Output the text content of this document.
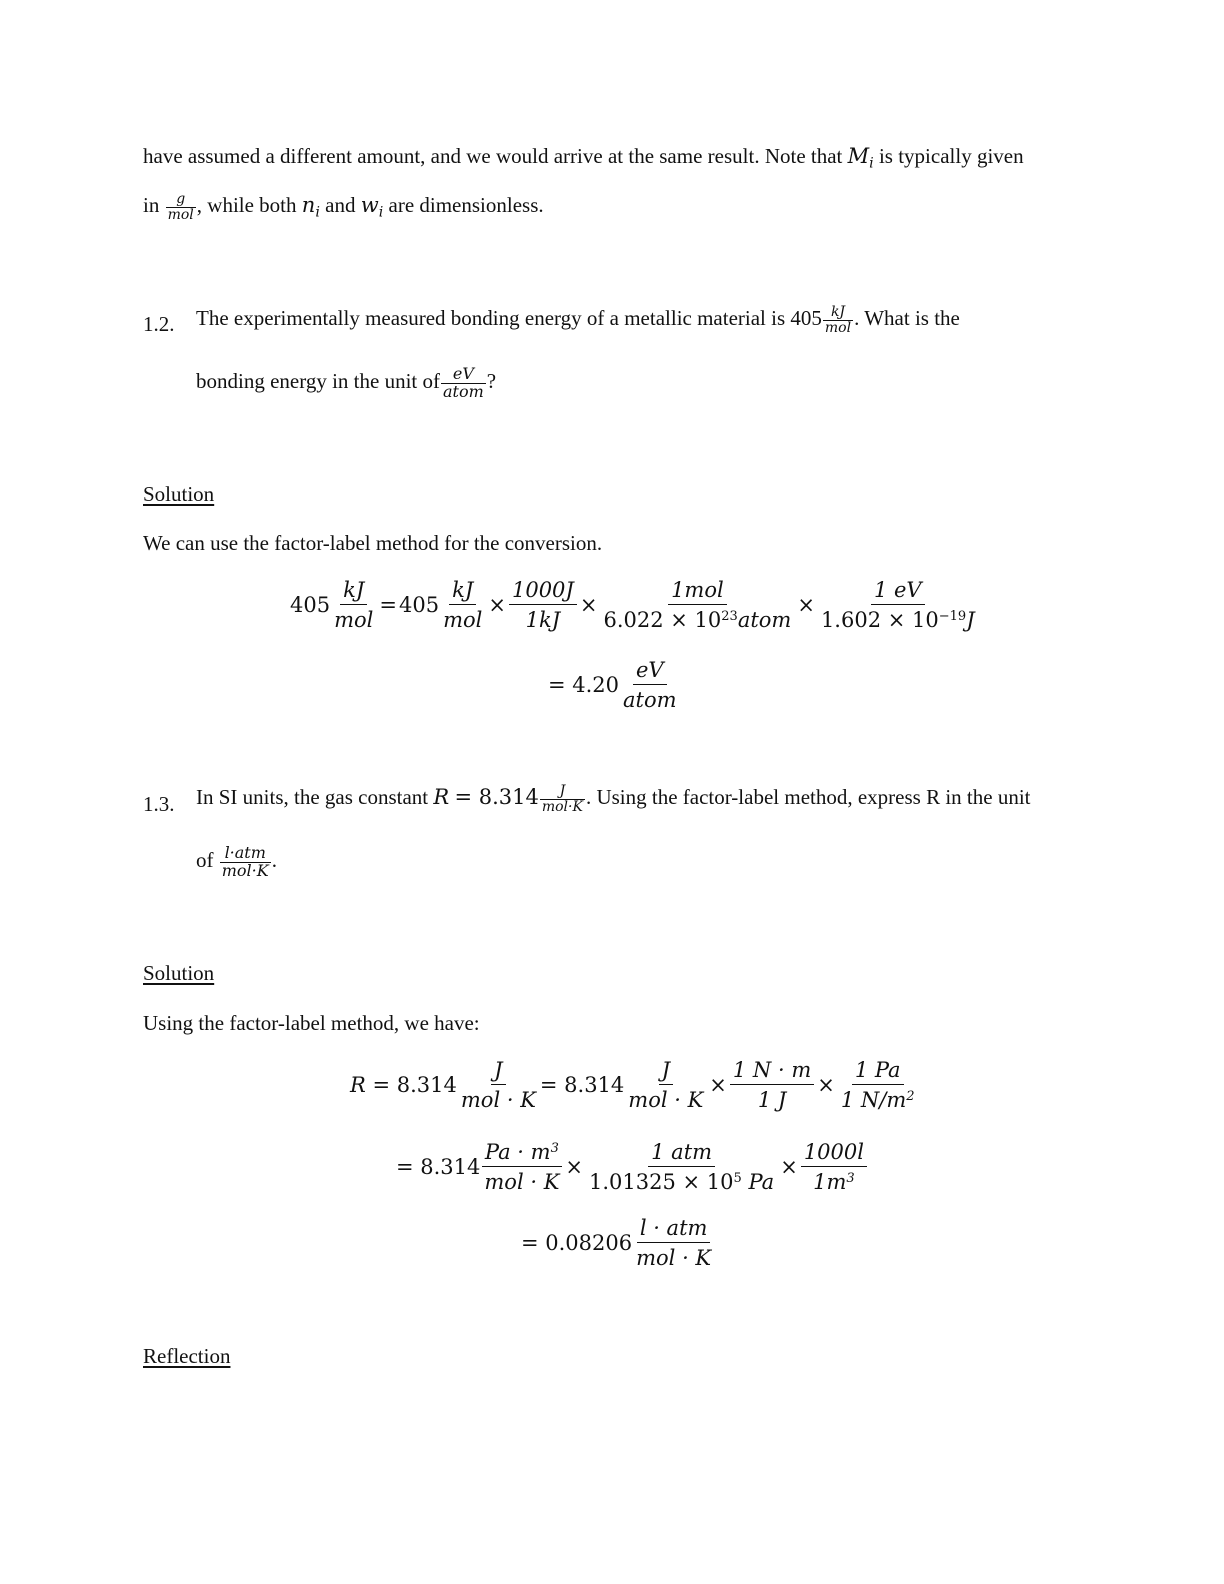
have assumed a different amount, and we would arrive at the same result. Note that $M_i$ is typically given
in	g
mol , while both $n_i$ and $w_i$ are dimensionless.
1.2. The experimentally measured bonding energy of a metallic material is 405 kJ
mol . What is the
bonding energy in the unit of eV
atom ?
Solution
We can use the factor-label method for the conversion.
405
kJ
mol
= 405
kJ
mol
× $\frac{1000J}{1kJ}$ ×
1mol
$6.022 \times 10^{23}atom$
× $\frac{1 eV}{1.602 \times 10^{-19}J}$
= 4.20
eV
atom
1.3. In SI units, the gas constant R = 8.314	J
mol·K . Using the factor-label method, express R in the unit
of l·atm
mol·K .
Solution
Using the factor-label method, we have:
R
= 8.314
J
mol · K
= 8.314
J
mol · K
× $\frac{1 N \cdot m}{1 J} \times \frac{1 Pa}{1 N/m^2}$
= 8.314
$Pa \cdot m^3$
mol · K
×
1 atm
$1.01325 \times 10^5$ Pa
× $\frac{1000l}{1m^3}$
= 0.08206
l · atm
mol · K
Reflection
